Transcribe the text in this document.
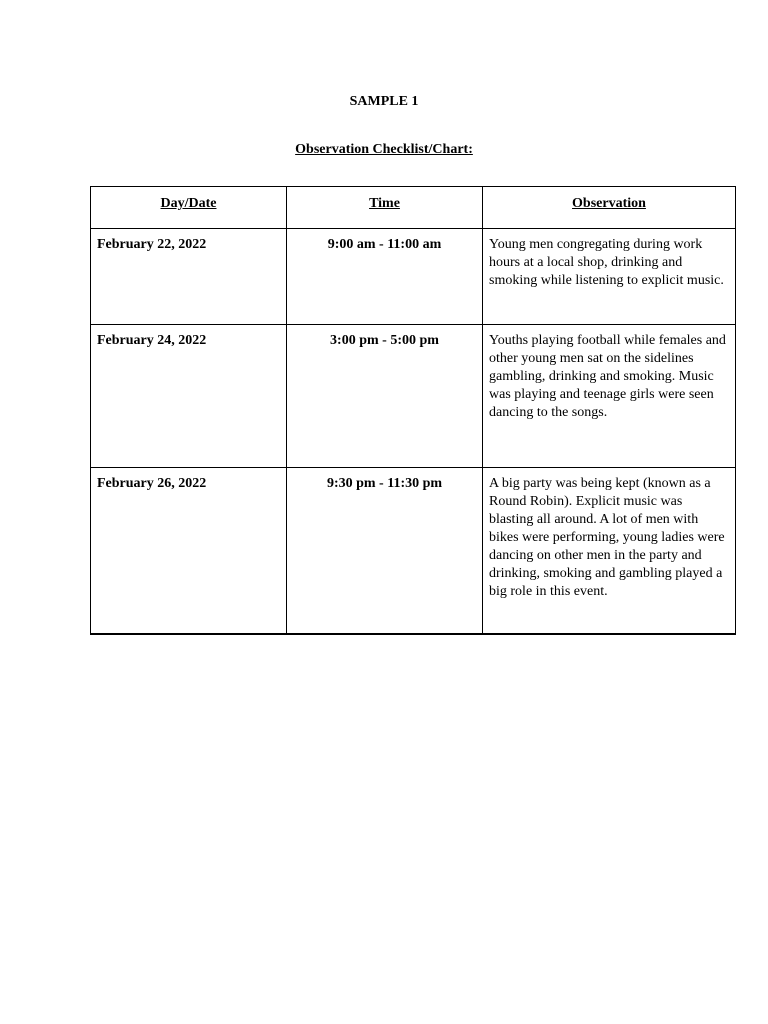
SAMPLE 1
Observation Checklist/Chart:
Day/Date	Time	Observation
February 22, 2022	9:00 am - 11:00 am	Young men congregating during work hours at a local shop, drinking and smoking while listening to explicit music.
February 24, 2022	3:00 pm - 5:00 pm	Youths playing football while females and other young men sat on the sidelines gambling, drinking and smoking. Music was playing and teenage girls were seen dancing to the songs.
February 26, 2022	9:30 pm - 11:30 pm	A big party was being kept (known as a Round Robin). Explicit music was blasting all around. A lot of men with bikes were performing, young ladies were dancing on other men in the party and drinking, smoking and gambling played a big role in this event.
